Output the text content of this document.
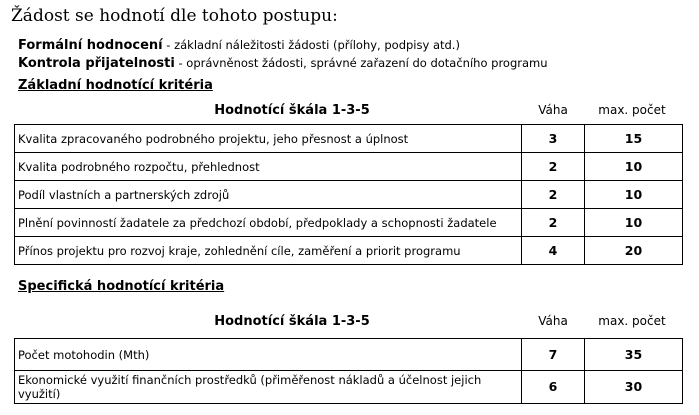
Žádost se hodnotí dle tohoto postupu:
Formální hodnocení - základní náležitosti žádosti (přílohy, podpisy atd.)
Kontrola přijatelnosti - oprávněnost žádosti, správné zařazení do dotačního programu
Základní hodnotící kritéria
Hodnotící škála 1-3-5	Váha	max. počet
Kvalita zpracovaného podrobného projektu, jeho přesnost a úplnost	3	15
Kvalita podrobného rozpočtu, přehlednost	2	10
Podíl vlastních a partnerských zdrojů	2	10
Plnění povinností žadatele za předchozí období, předpoklady a schopnosti žadatele	2	10
Přínos projektu pro rozvoj kraje, zohlednění cíle, zaměření a priorit programu	4	20
Specifická hodnotící kritéria
Hodnotící škála 1-3-5	Váha	max. počet
Počet motohodin (Mth)	7	35
Ekonomické využití finančních prostředků (přiměřenost nákladů a účelnost jejich využití)	6	30
